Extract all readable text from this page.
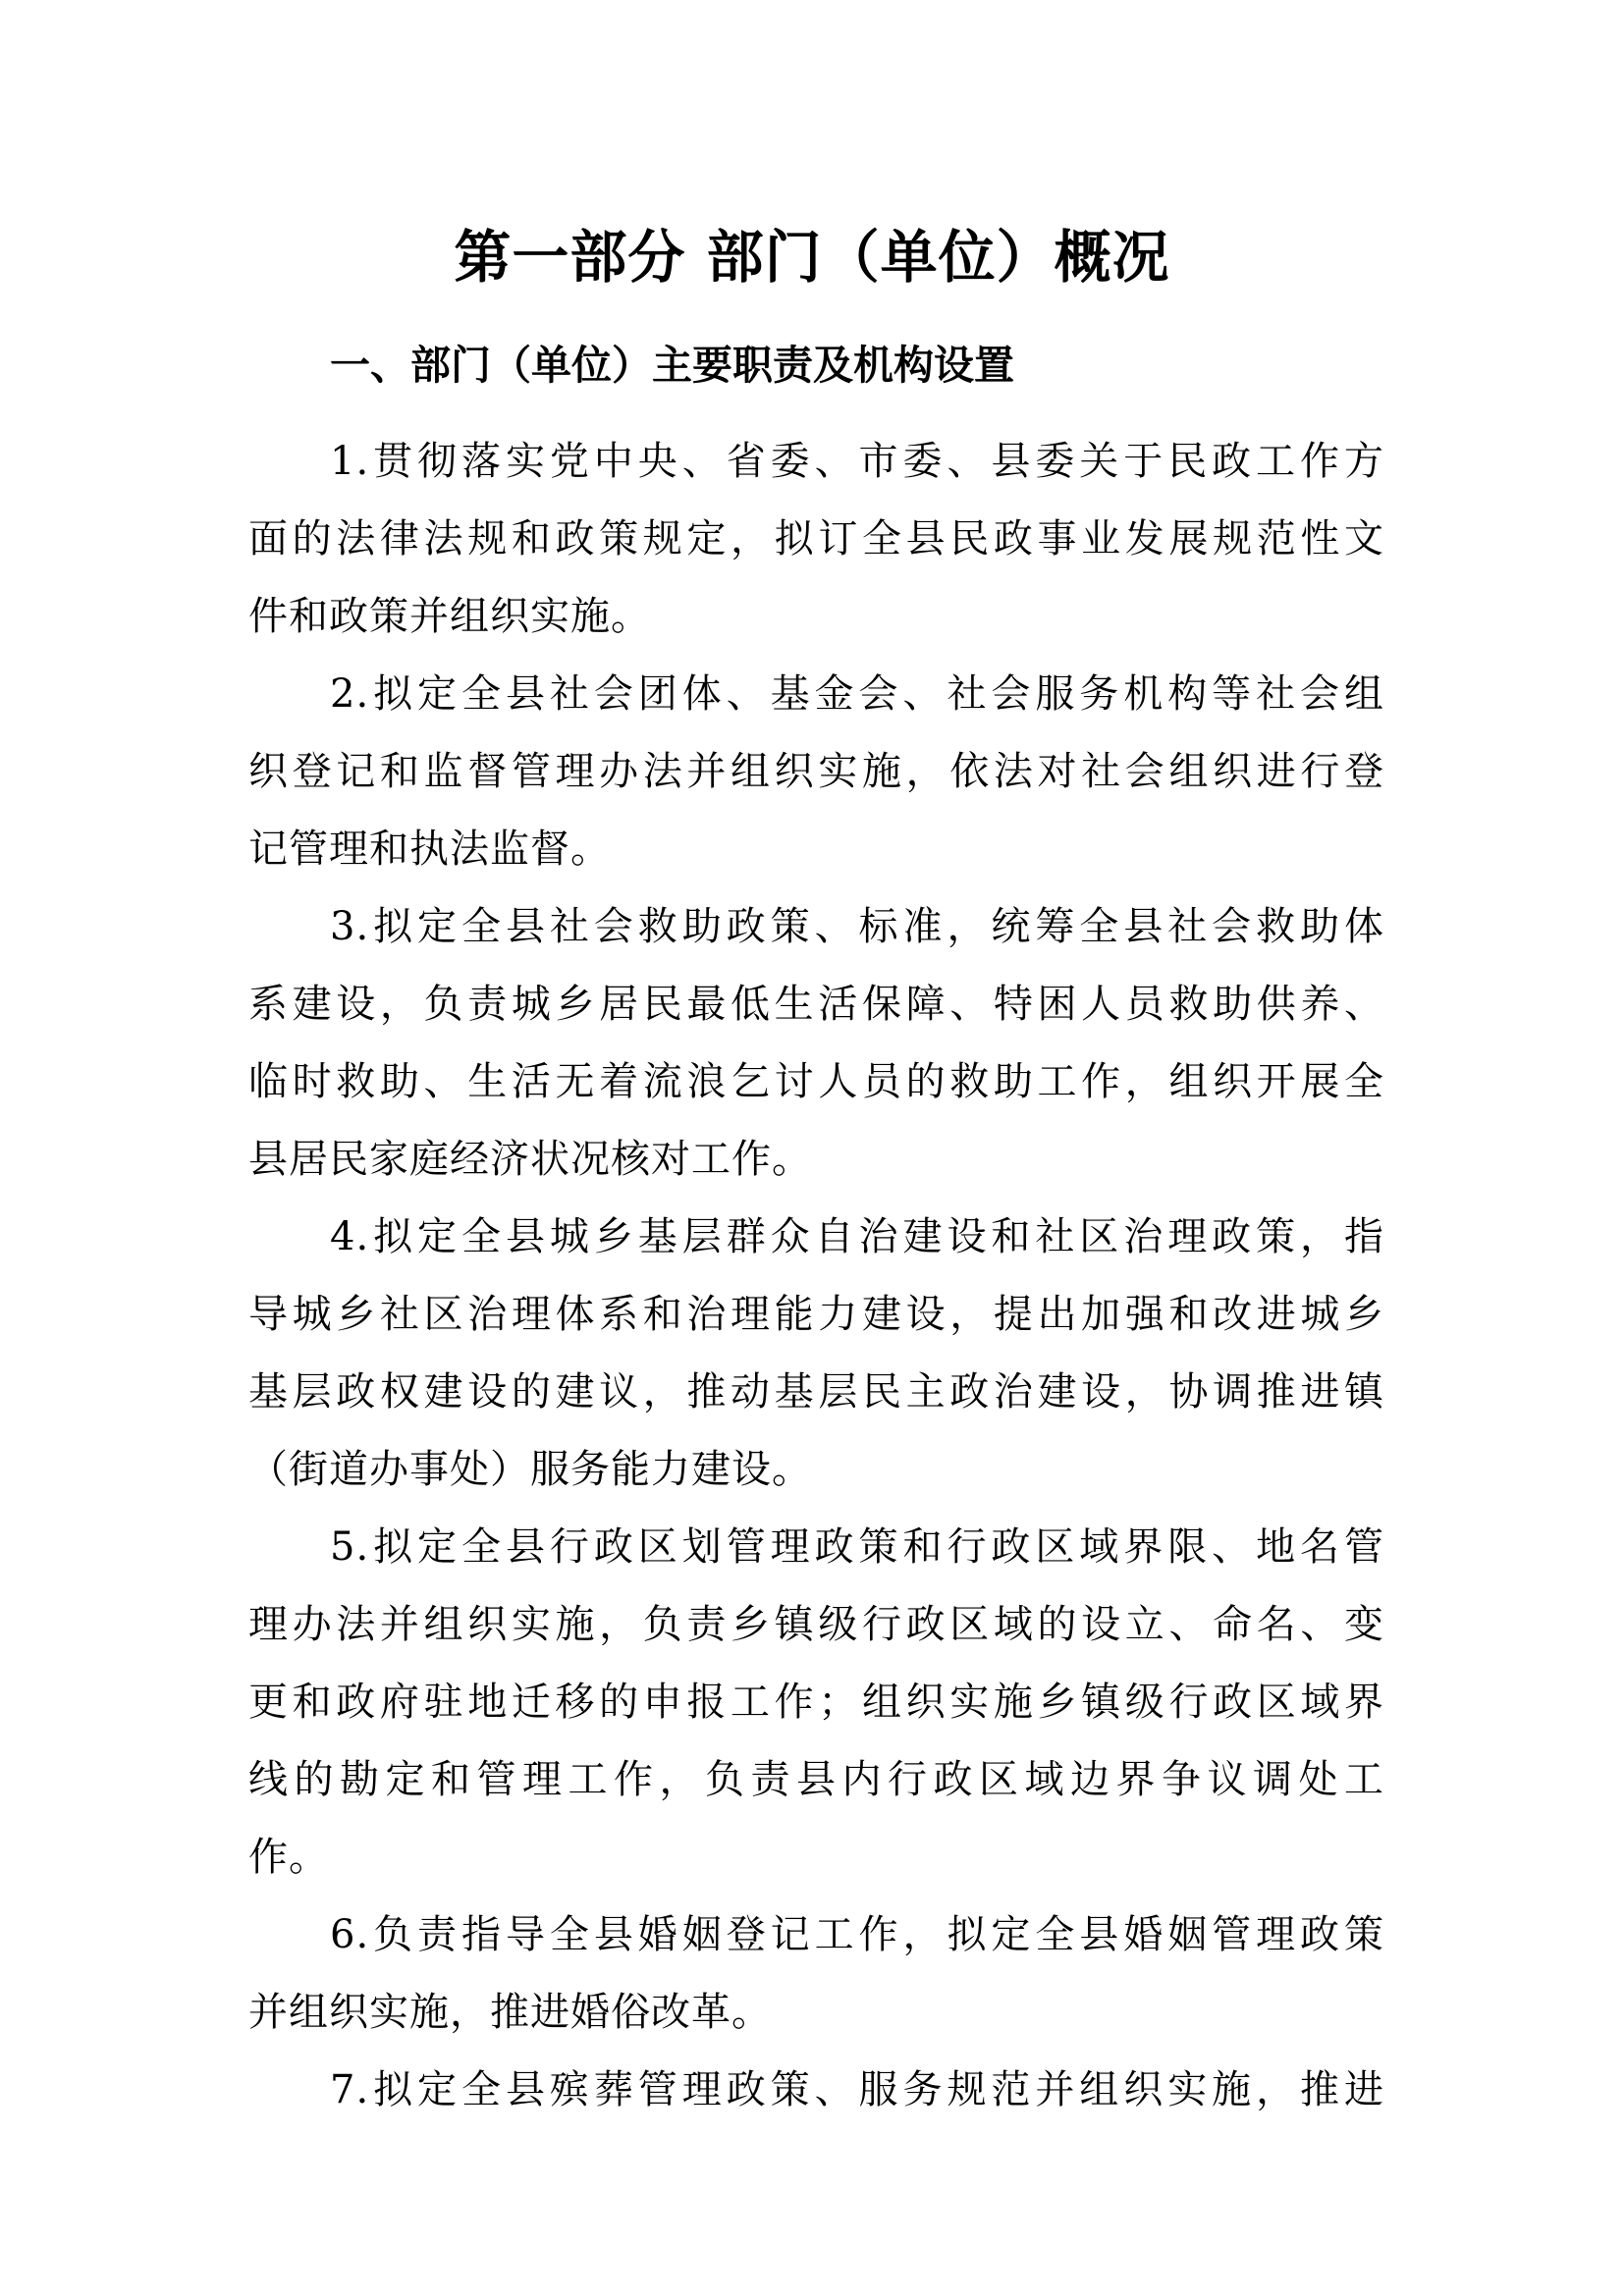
第一部分 部门（单位）概况
一、部门（单位）主要职责及机构设置
1.贯彻落实党中央、省委、市委、县委关于民政工作方
面的法律法规和政策规定，拟订全县民政事业发展规范性文
件和政策并组织实施。
2.拟定全县社会团体、基金会、社会服务机构等社会组
织登记和监督管理办法并组织实施，依法对社会组织进行登
记管理和执法监督。
3.拟定全县社会救助政策、标准，统筹全县社会救助体
系建设，负责城乡居民最低生活保障、特困人员救助供养、
临时救助、生活无着流浪乞讨人员的救助工作，组织开展全
县居民家庭经济状况核对工作。
4.拟定全县城乡基层群众自治建设和社区治理政策，指
导城乡社区治理体系和治理能力建设，提出加强和改进城乡
基层政权建设的建议，推动基层民主政治建设，协调推进镇
（街道办事处）服务能力建设。
5.拟定全县行政区划管理政策和行政区域界限、地名管
理办法并组织实施，负责乡镇级行政区域的设立、命名、变
更和政府驻地迁移的申报工作；组织实施乡镇级行政区域界
线的勘定和管理工作，负责县内行政区域边界争议调处工
作。
6.负责指导全县婚姻登记工作，拟定全县婚姻管理政策
并组织实施，推进婚俗改革。
7.拟定全县殡葬管理政策、服务规范并组织实施，推进
